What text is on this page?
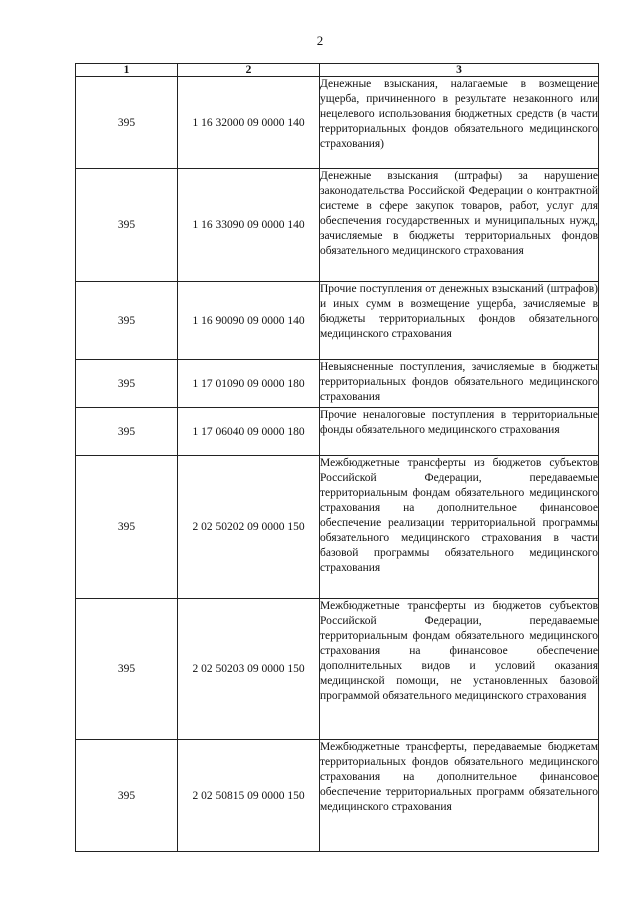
2
1	2	3
395	1 16 32000 09 0000 140	Денежные взыскания, налагаемые в возмещение ущерба, причиненного в результате незаконного или нецелевого использования бюджетных средств (в части территориальных фондов обязательного медицинского страхования)
395	1 16 33090 09 0000 140	Денежные взыскания (штрафы) за нарушение законодательства Российской Федерации о контрактной системе в сфере закупок товаров, работ, услуг для обеспечения государственных и муниципальных нужд, зачисляемые в бюджеты территориальных фондов обязательного медицинского страхования
395	1 16 90090 09 0000 140	Прочие поступления от денежных взысканий (штрафов) и иных сумм в возмещение ущерба, зачисляемые в бюджеты территориальных фондов обязательного медицинского страхования
395	1 17 01090 09 0000 180	Невыясненные поступления, зачисляемые в бюджеты территориальных фондов обязательного медицинского страхования
395	1 17 06040 09 0000 180	Прочие неналоговые поступления в территориальные фонды обязательного медицинского страхования
395	2 02 50202 09 0000 150	Межбюджетные трансферты из бюджетов субъектов Российской Федерации, передаваемые территориальным фондам обязательного медицинского страхования на дополнительное финансовое обеспечение реализации территориальной программы обязательного медицинского страхования в части базовой программы обязательного медицинского страхования
395	2 02 50203 09 0000 150	Межбюджетные трансферты из бюджетов субъектов Российской Федерации, передаваемые территориальным фондам обязательного медицинского страхования на финансовое обеспечение дополнительных видов и условий оказания медицинской помощи, не установленных базовой программой обязательного медицинского страхования
395	2 02 50815 09 0000 150	Межбюджетные трансферты, передаваемые бюджетам территориальных фондов обязательного медицинского страхования на дополнительное финансовое обеспечение территориальных программ обязательного медицинского страхования
